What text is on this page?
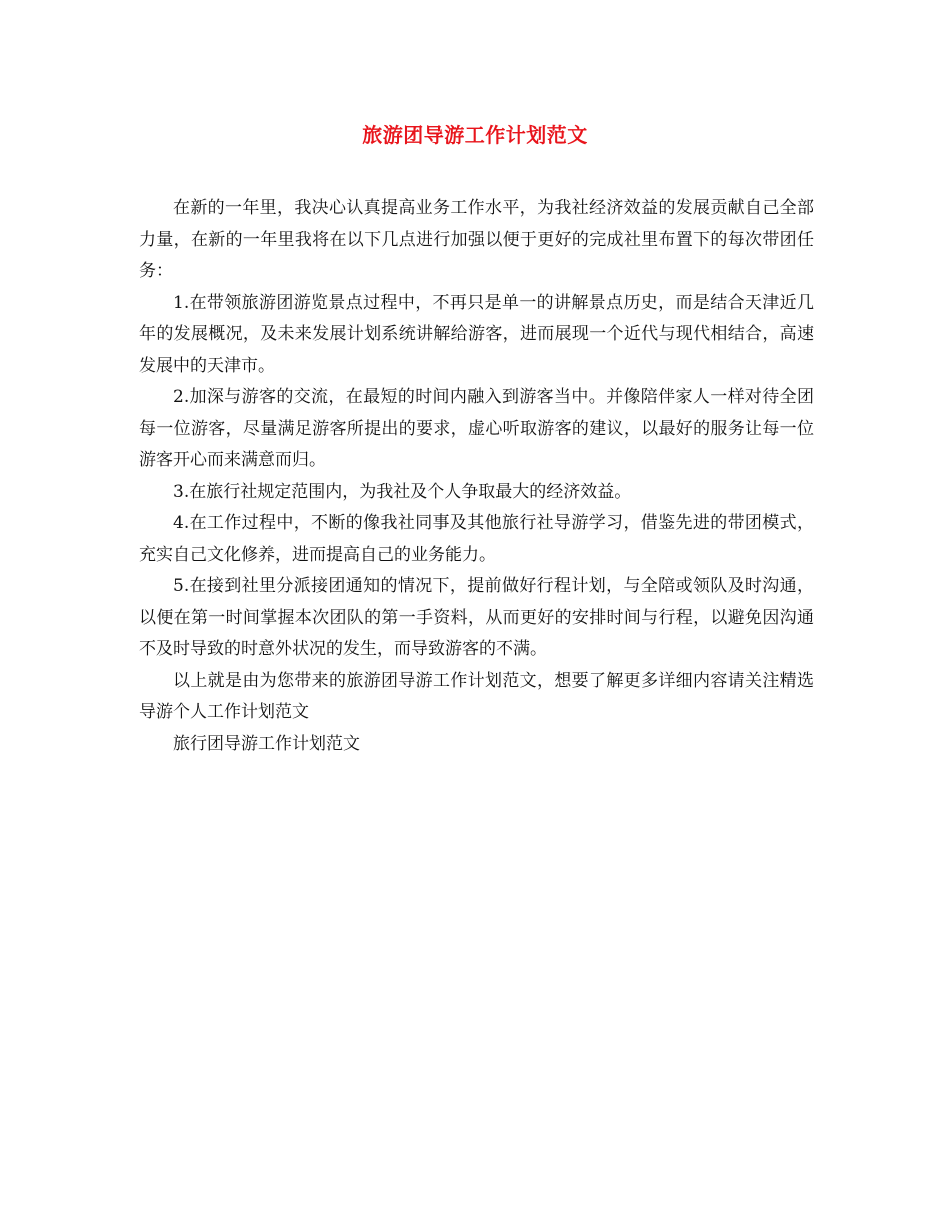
旅游团导游工作计划范文

在新的一年里，我决心认真提高业务工作水平，为我社经济效益的发展贡献自己全部力量，在新的一年里我将在以下几点进行加强以便于更好的完成社里布置下的每次带团任务：

1.在带领旅游团游览景点过程中，不再只是单一的讲解景点历史，而是结合天津近几年的发展概况，及未来发展计划系统讲解给游客，进而展现一个近代与现代相结合，高速发展中的天津市。

2.加深与游客的交流，在最短的时间内融入到游客当中。并像陪伴家人一样对待全团每一位游客，尽量满足游客所提出的要求，虚心听取游客的建议，以最好的服务让每一位游客开心而来满意而归。

3.在旅行社规定范围内，为我社及个人争取最大的经济效益。

4.在工作过程中，不断的像我社同事及其他旅行社导游学习，借鉴先进的带团模式，充实自己文化修养，进而提高自己的业务能力。

5.在接到社里分派接团通知的情况下，提前做好行程计划，与全陪或领队及时沟通，以便在第一时间掌握本次团队的第一手资料，从而更好的安排时间与行程，以避免因沟通不及时导致的时意外状况的发生，而导致游客的不满。

以上就是由为您带来的旅游团导游工作计划范文，想要了解更多详细内容请关注精选导游个人工作计划范文

旅行团导游工作计划范文
